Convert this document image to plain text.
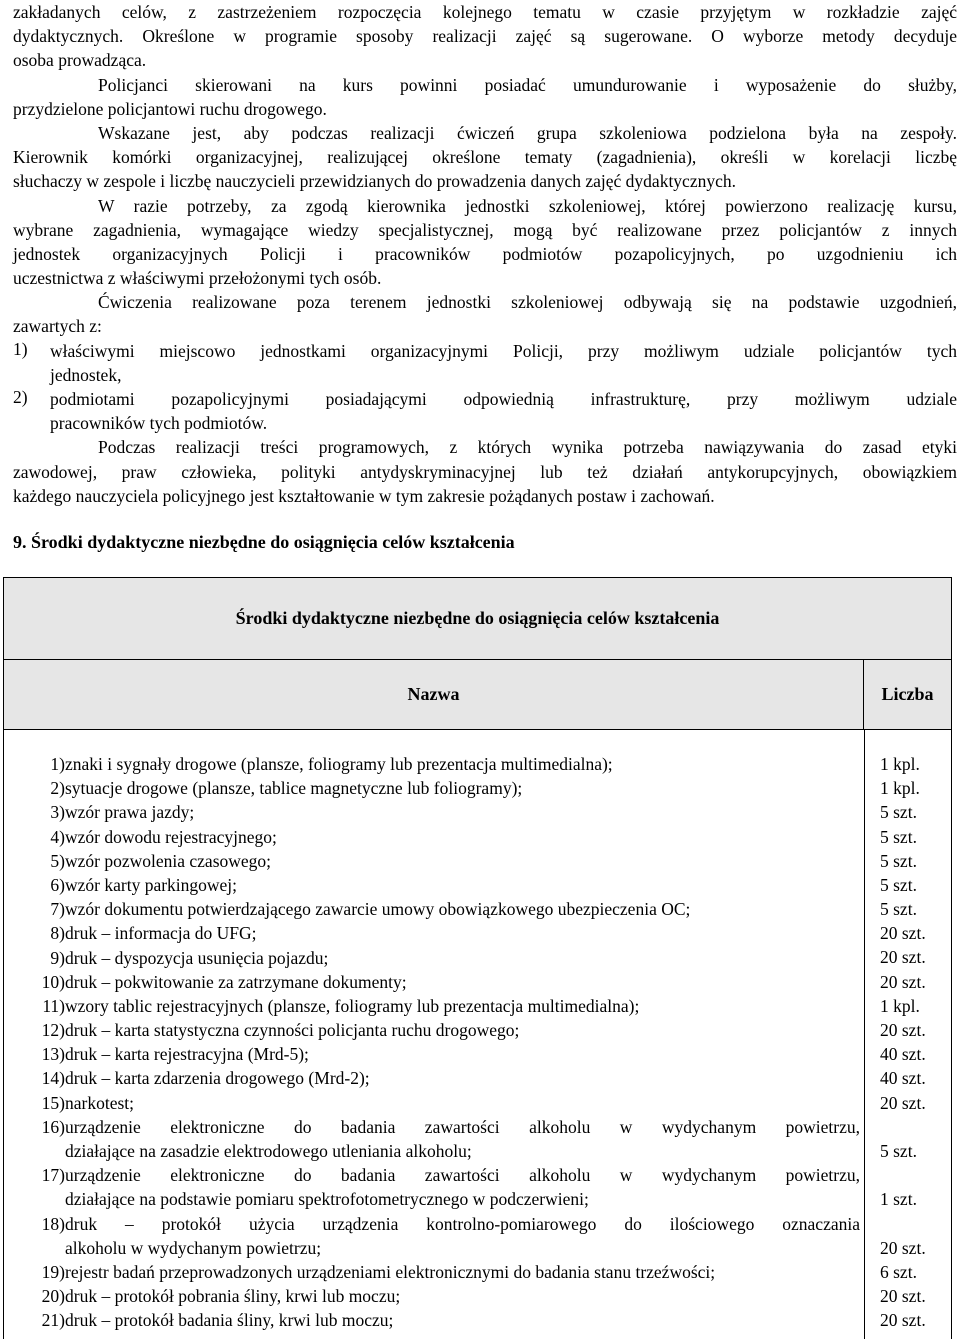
zakładanych celów, z zastrzeżeniem rozpoczęcia kolejnego tematu w czasie przyjętym w rozkładzie zajęć
dydaktycznych. Określone w programie sposoby realizacji zajęć są sugerowane. O wyborze metody decyduje
osoba prowadząca.
Policjanci skierowani na kurs powinni posiadać umundurowanie i wyposażenie do służby,
przydzielone policjantowi ruchu drogowego.
Wskazane jest, aby podczas realizacji ćwiczeń grupa szkoleniowa podzielona była na zespoły.
Kierownik komórki organizacyjnej, realizującej określone tematy (zagadnienia), określi w korelacji liczbę
słuchaczy w zespole i liczbę nauczycieli przewidzianych do prowadzenia danych zajęć dydaktycznych.
W razie potrzeby, za zgodą kierownika jednostki szkoleniowej, której powierzono realizację kursu,
wybrane zagadnienia, wymagające wiedzy specjalistycznej, mogą być realizowane przez policjantów z innych
jednostek organizacyjnych Policji i pracowników podmiotów pozapolicyjnych, po uzgodnieniu ich
uczestnictwa z właściwymi przełożonymi tych osób.
Ćwiczenia realizowane poza terenem jednostki szkoleniowej odbywają się na podstawie uzgodnień,
zawartych z:
1)	właściwymi miejscowo jednostkami organizacyjnymi Policji, przy możliwym udziale policjantów tych
jednostek,
2)	podmiotami pozapolicyjnymi posiadającymi odpowiednią infrastrukturę, przy możliwym udziale
pracowników tych podmiotów.
Podczas realizacji treści programowych, z których wynika potrzeba nawiązywania do zasad etyki
zawodowej, praw człowieka, polityki antydyskryminacyjnej lub też działań antykorupcyjnych, obowiązkiem
każdego nauczyciela policyjnego jest kształtowanie w tym zakresie pożądanych postaw i zachowań.
9. Środki dydaktyczne niezbędne do osiągnięcia celów kształcenia
Środki dydaktyczne niezbędne do osiągnięcia celów kształcenia
Nazwa	Liczba
1) znaki i sygnały drogowe (plansze, foliogramy lub prezentacja multimedialna);	1 kpl.
2) sytuacje drogowe (plansze, tablice magnetyczne lub foliogramy);	1 kpl.
3) wzór prawa jazdy;	5 szt.
4) wzór dowodu rejestracyjnego;	5 szt.
5) wzór pozwolenia czasowego;	5 szt.
6) wzór karty parkingowej;	5 szt.
7) wzór dokumentu potwierdzającego zawarcie umowy obowiązkowego ubezpieczenia OC;	5 szt.
8) druk – informacja do UFG;	20 szt.
9) druk – dyspozycja usunięcia pojazdu;	20 szt.
10) druk – pokwitowanie za zatrzymane dokumenty;	20 szt.
11) wzory tablic rejestracyjnych (plansze, foliogramy lub prezentacja multimedialna);	1 kpl.
12) druk – karta statystyczna czynności policjanta ruchu drogowego;	20 szt.
13) druk – karta rejestracyjna (Mrd-5);	40 szt.
14) druk – karta zdarzenia drogowego (Mrd-2);	40 szt.
15) narkotest;	20 szt.
16) urządzenie elektroniczne do badania zawartości alkoholu w wydychanym powietrzu,
działające na zasadzie elektrodowego utleniania alkoholu;	5 szt.
17) urządzenie elektroniczne do badania zawartości alkoholu w wydychanym powietrzu,
działające na podstawie pomiaru spektrofotometrycznego w podczerwieni;	1 szt.
18) druk – protokół użycia urządzenia kontrolno-pomiarowego do ilościowego oznaczania
alkoholu w wydychanym powietrzu;	20 szt.
19) rejestr badań przeprowadzonych urządzeniami elektronicznymi do badania stanu trzeźwości;	6 szt.
20) druk – protokół pobrania śliny, krwi lub moczu;	20 szt.
21) druk – protokół badania śliny, krwi lub moczu;	20 szt.
